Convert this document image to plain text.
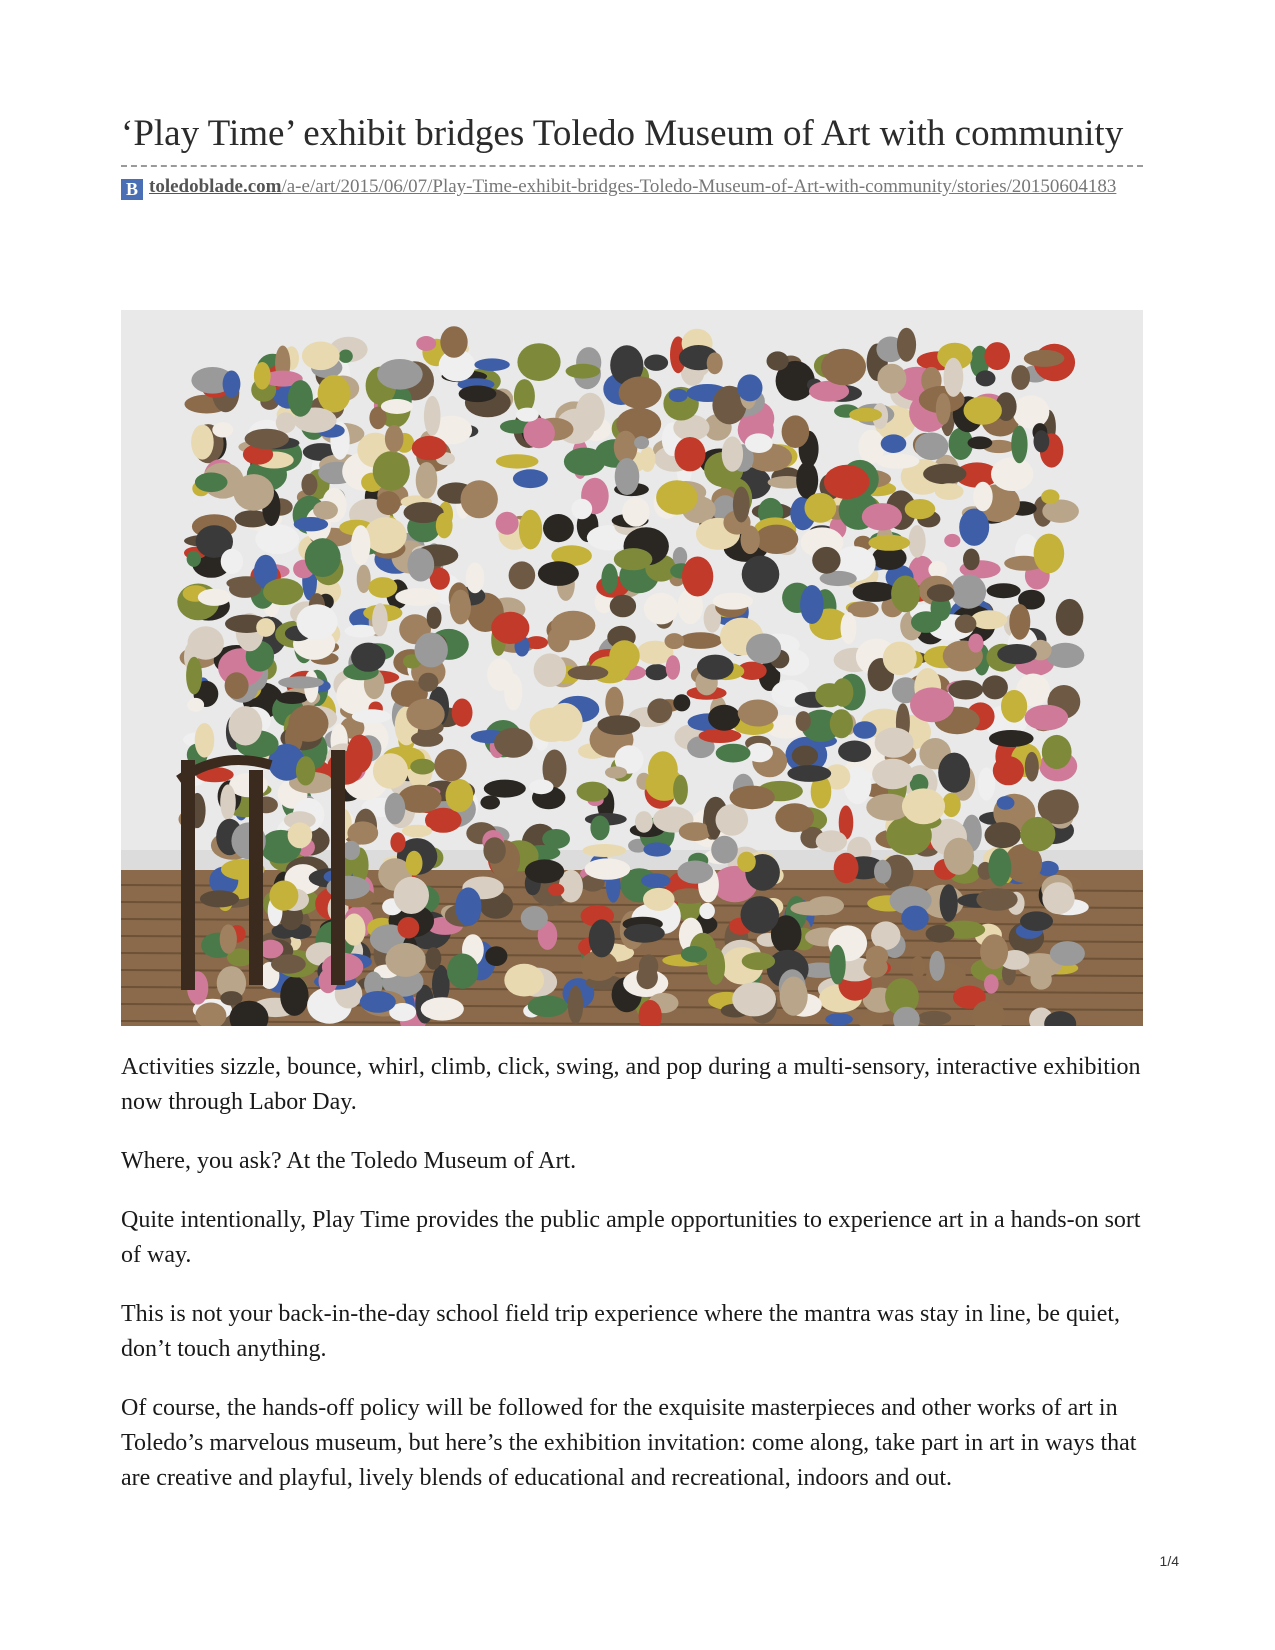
‘Play Time’ exhibit bridges Toledo Museum of Art with community
B toledoblade.com/a-e/art/2015/06/07/Play-Time-exhibit-bridges-Toledo-Museum-of-Art-with-community/stories/20150604183

Activities sizzle, bounce, whirl, climb, click, swing, and pop during a multi-sensory, interactive exhibition now through Labor Day.

Where, you ask? At the Toledo Museum of Art.

Quite intentionally, Play Time provides the public ample opportunities to experience art in a hands-on sort of way.

This is not your back-in-the-day school field trip experience where the mantra was stay in line, be quiet, don’t touch anything.

Of course, the hands-off policy will be followed for the exquisite masterpieces and other works of art in Toledo’s marvelous museum, but here’s the exhibition invitation: come along, take part in art in ways that are creative and playful, lively blends of educational and recreational, indoors and out.

1/4
